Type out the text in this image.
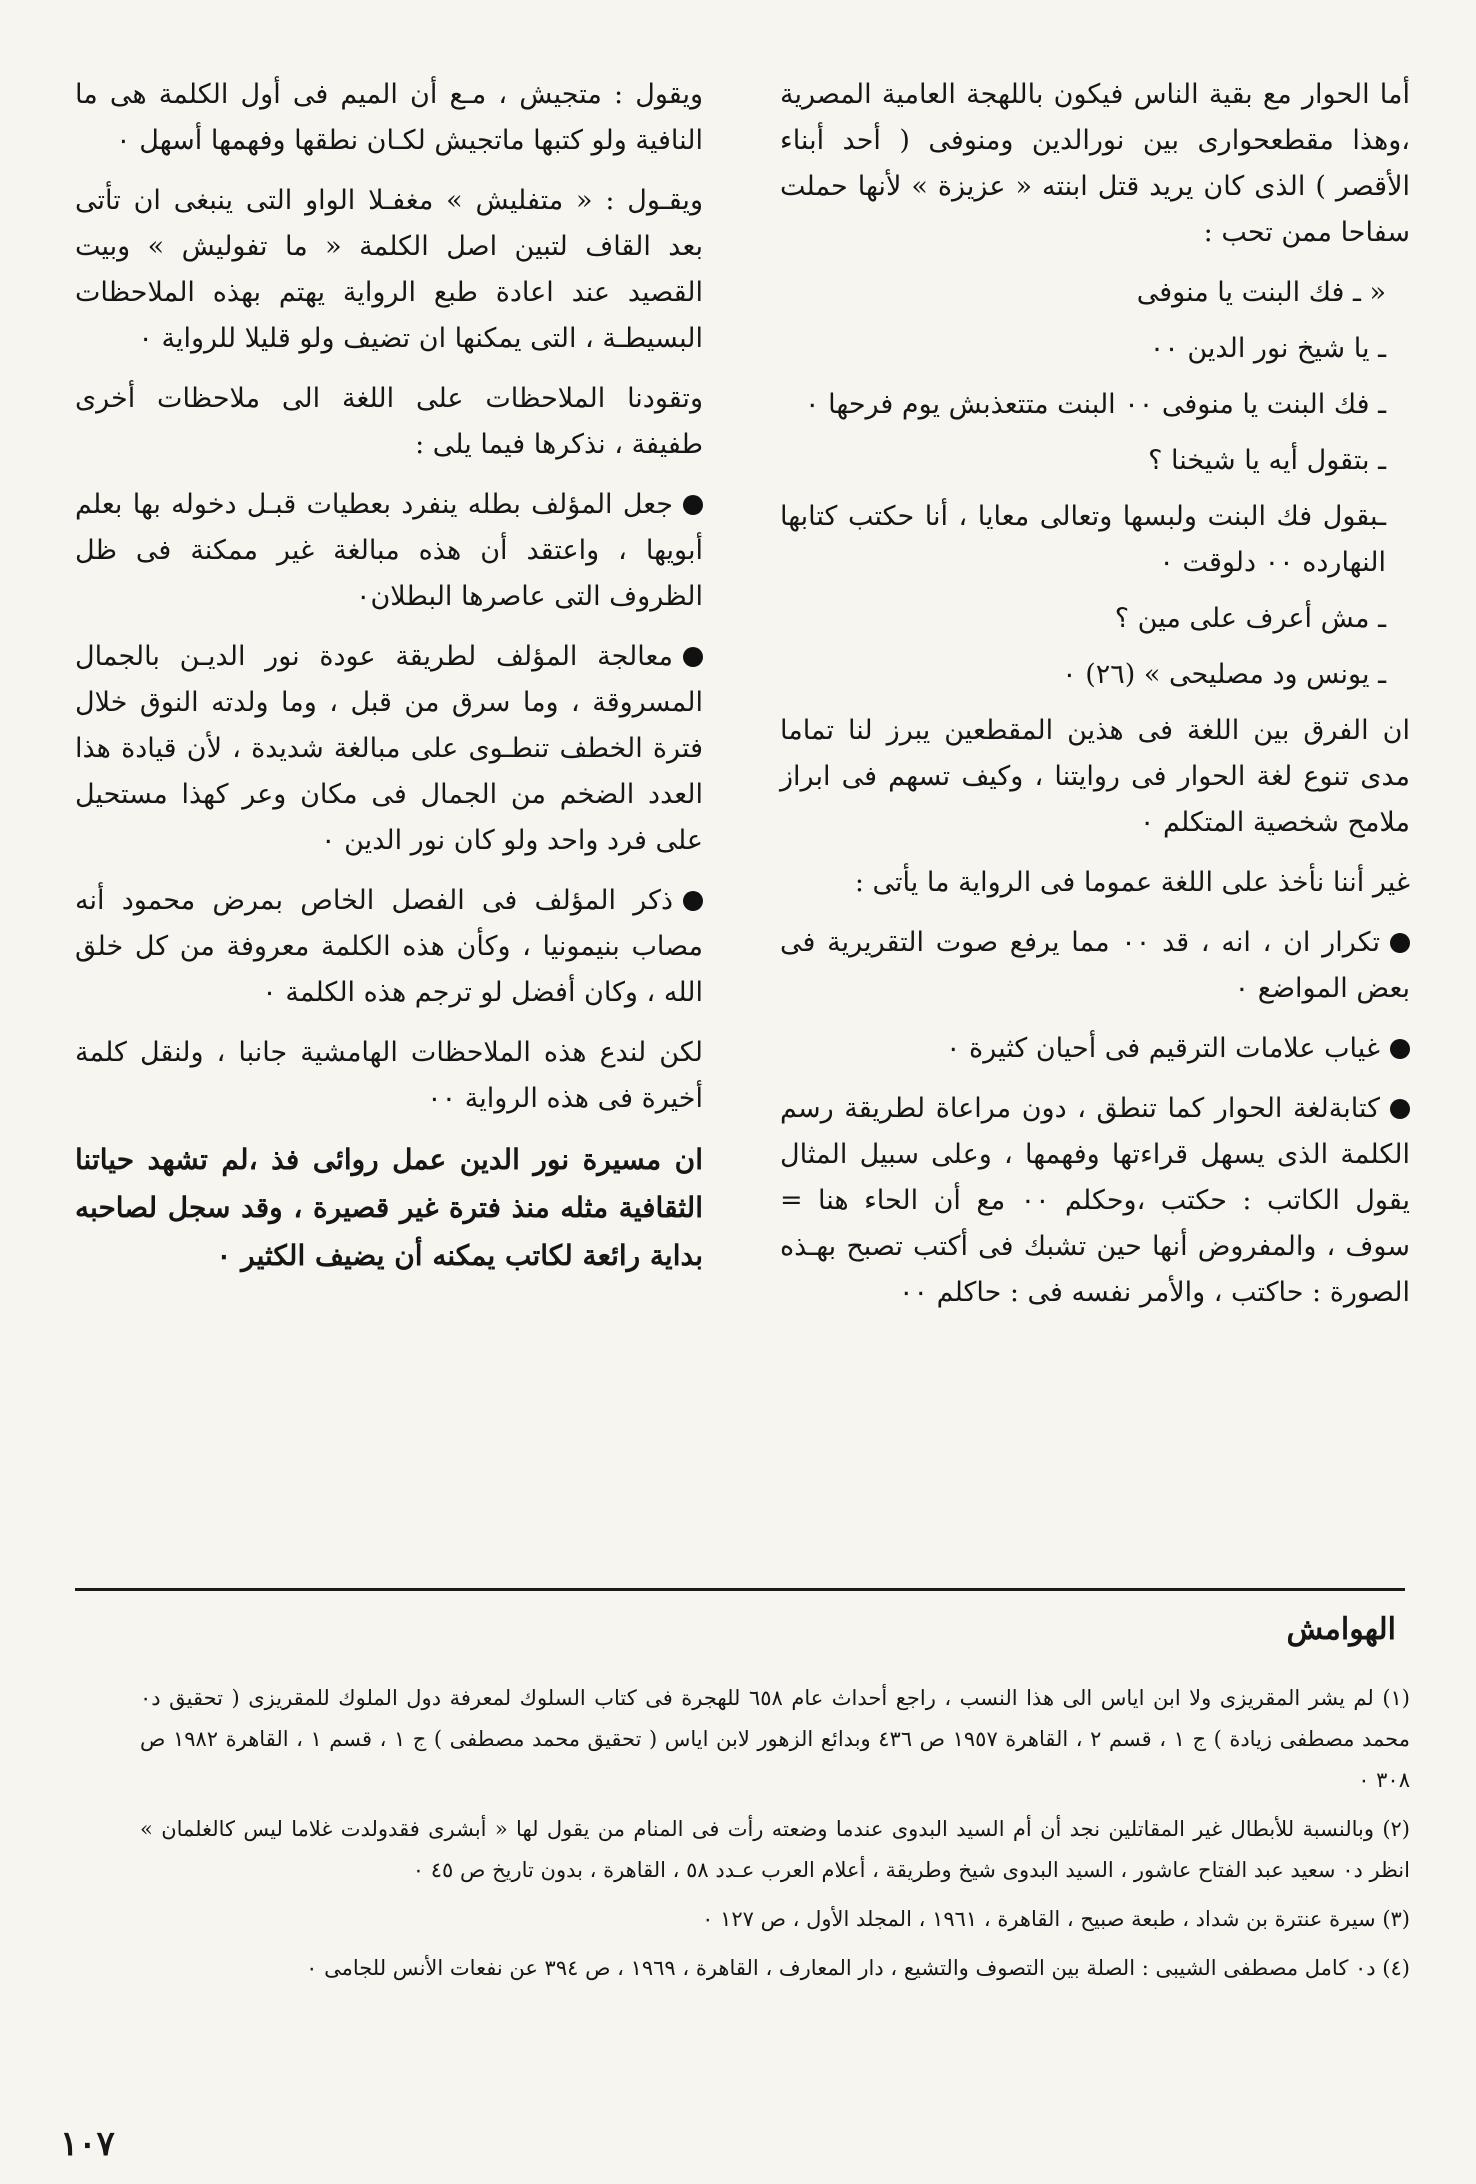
أما الحوار مع بقية الناس فيكون باللهجة العامية المصرية ،وهذا مقطعحوارى بين نورالدين ومنوفى ( أحد أبناء الأقصر ) الذى كان يريد قتل ابنته « عزيزة » لأنها حملت سفاحا ممن تحب :

« ـ فك البنت يا منوفى

ـ يا شيخ نور الدين ٠٠

ـ فك البنت يا منوفى ٠٠ البنت متتعذبش يوم فرحها ٠

ـ بتقول أيه يا شيخنا ؟

ـبقول فك البنت ولبسها وتعالى معايا ، أنا حكتب كتابها النهارده ٠٠ دلوقت ٠

ـ مش أعرف على مين ؟

ـ يونس ود مصليحى » (٢٦) ٠

ان الفرق بين اللغة فى هذين المقطعين يبرز لنا تماما مدى تنوع لغة الحوار فى روايتنا ، وكيف تسهم فى ابراز ملامح شخصية المتكلم ٠

غير أننا نأخذ على اللغة عموما فى الرواية ما يأتى :

تكرار ان ، انه ، قد ٠٠ مما يرفع صوت التقريرية فى بعض المواضع ٠

غياب علامات الترقيم فى أحيان كثيرة ٠

كتابةلغة الحوار كما تنطق ، دون مراعاة لطريقة رسم الكلمة الذى يسهل قراءتها وفهمها ، وعلى سبيل المثال يقول الكاتب : حكتب ،وحكلم ٠٠ مع أن الحاء هنا = سوف ، والمفروض أنها حين تشبك فى أكتب تصبح بهـذه الصورة : حاكتب ، والأمر نفسه فى : حاكلم ٠٠

ويقول : متجيش ، مـع أن الميم فى أول الكلمة هى ما النافية ولو كتبها ماتجيش لكـان نطقها وفهمها أسهل ٠

ويقـول : « متفليش » مغفـلا الواو التى ينبغى ان تأتى بعد القاف لتبين اصل الكلمة « ما تفوليش » وبيت القصيد عند اعادة طبع الرواية يهتم بهذه الملاحظات البسيطـة ، التى يمكنها ان تضيف ولو قليلا للرواية ٠

وتقودنا الملاحظات على اللغة الى ملاحظات أخرى طفيفة ، نذكرها فيما يلى :

جعل المؤلف بطله ينفرد بعطيات قبـل دخوله بها بعلم أبويها ، واعتقد أن هذه مبالغة غير ممكنة فى ظل الظروف التى عاصرها البطلان٠

معالجة المؤلف لطريقة عودة نور الديـن بالجمال المسروقة ، وما سرق من قبل ، وما ولدته النوق خلال فترة الخطف تنطـوى على مبالغة شديدة ، لأن قيادة هذا العدد الضخم من الجمال فى مكان وعر كهذا مستحيل على فرد واحد ولو كان نور الدين ٠

ذكر المؤلف فى الفصل الخاص بمرض محمود أنه مصاب بنيمونيا ، وكأن هذه الكلمة معروفة من كل خلق الله ، وكان أفضل لو ترجم هذه الكلمة ٠

لكن لندع هذه الملاحظات الهامشية جانبا ، ولنقل كلمة أخيرة فى هذه الرواية ٠٠

ان مسيرة نور الدين عمل روائى فذ ،لم تشهد حياتنا الثقافية مثله منذ فترة غير قصيرة ، وقد سجل لصاحبه بداية رائعة لكاتب يمكنه أن يضيف الكثير ٠

الهوامش

(١) لم يشر المقريزى ولا ابن اياس الى هذا النسب ، راجع أحداث عام ٦٥٨ للهجرة فى كتاب السلوك لمعرفة دول الملوك للمقريزى ( تحقيق د٠ محمد مصطفى زيادة ) ج ١ ، قسم ٢ ، القاهرة ١٩٥٧ ص ٤٣٦ وبدائع الزهور لابن اياس ( تحقيق محمد مصطفى ) ج ١ ، قسم ١ ، القاهرة ١٩٨٢ ص ٣٠٨ ٠

(٢) وبالنسبة للأبطال غير المقاتلين نجد أن أم السيد البدوى عندما وضعته رأت فى المنام من يقول لها « أبشرى فقدولدت غلاما ليس كالغلمان » انظر د٠ سعيد عبد الفتاح عاشور ، السيد البدوى شيخ وطريقة ، أعلام العرب عـدد ٥٨ ، القاهرة ، بدون تاريخ ص ٤٥ ٠

(٣) سيرة عنترة بن شداد ، طبعة صبيح ، القاهرة ، ١٩٦١ ، المجلد الأول ، ص ١٢٧ ٠

(٤) د٠ كامل مصطفى الشيبى : الصلة بين التصوف والتشيع ، دار المعارف ، القاهرة ، ١٩٦٩ ، ص ٣٩٤ عن نفعات الأنس للجامى ٠

١٠٧
